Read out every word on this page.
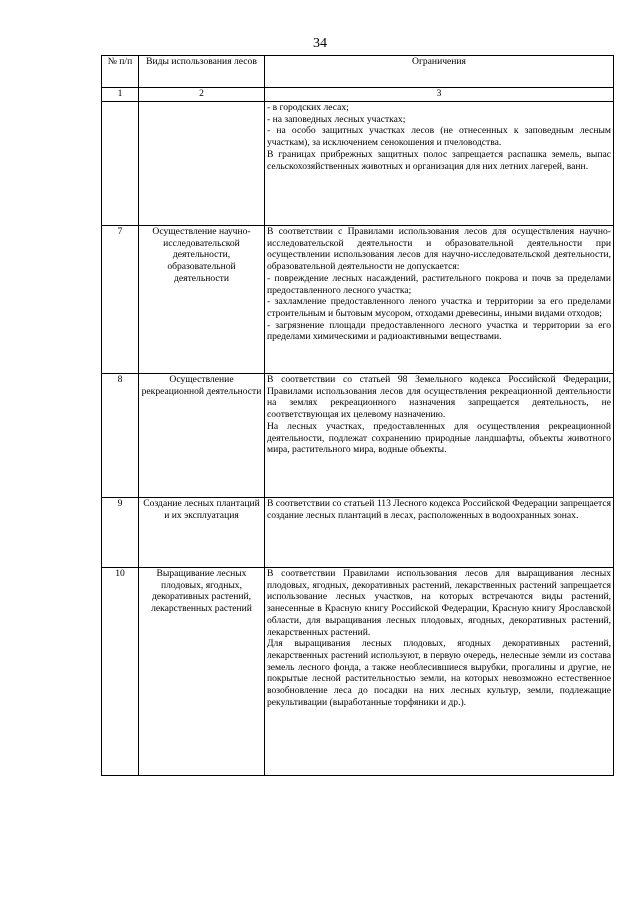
34
№ п/п	Виды использования лесов	Ограничения
1	2	3

		- в городских лесах;

- на заповедных лесных участках;

- на особо защитных участках лесов (не отнесенных к заповедным лесным участкам), за исключением сенокошения и пчеловодства.

В границах прибрежных защитных полос запрещается распашка земель, выпас сельскохозяйственных животных и организация для них летних лагерей, ванн.

7	Осуществление научно-исследовательской деятельности, образовательной деятельности	В соответствии с Правилами использования лесов для осуществления научно-исследовательской деятельности и образовательной деятельности при осуществлении использования лесов для научно-исследовательской деятельности, образовательной деятельности не допускается:

- повреждение лесных насаждений, растительного покрова и почв за пределами предоставленного лесного участка;

- захламление предоставленного леного участка и территории за его пределами строительным и бытовым мусором, отходами древесины, иными видами отходов;

- загрязнение площади предоставленного лесного участка и территории за его пределами химическими и радиоактивными веществами.

8	Осуществление рекреационной деятельности	В соответствии со статьей 98 Земельного кодекса Российской Федерации, Правилами использования лесов для осуществления рекреационной деятельности на землях рекреационного назначения запрещается деятельность, не соответствующая их целевому назначению.

На лесных участках, предоставленных для осуществления рекреационной деятельности, подлежат сохранению природные ландшафты, объекты животного мира, растительного мира, водные объекты.

9	Создание лесных плантаций и их эксплуатация	В соответствии со статьей 113 Лесного кодекса Российской Федерации запрещается создание лесных плантаций в лесах, расположенных в водоохранных зонах.

10	Выращивание лесных плодовых, ягодных, декоративных растений, лекарственных растений	В соответствии Правилами использования лесов для выращивания лесных плодовых, ягодных, декоративных растений, лекарственных растений запрещается использование лесных участков, на которых встречаются виды растений, занесенные в Красную книгу Российской Федерации, Красную книгу Ярославской области, для выращивания лесных плодовых, ягодных, декоративных растений, лекарственных растений.

Для выращивания лесных плодовых, ягодных декоративных растений, лекарственных растений используют, в первую очередь, нелесные земли из состава земель лесного фонда, а также необлесившиеся вырубки, прогалины и другие, не покрытые лесной растительностью земли, на которых невозможно естественное возобновление леса до посадки на них лесных культур, земли, подлежащие рекультивации (выработанные торфяники и др.).
